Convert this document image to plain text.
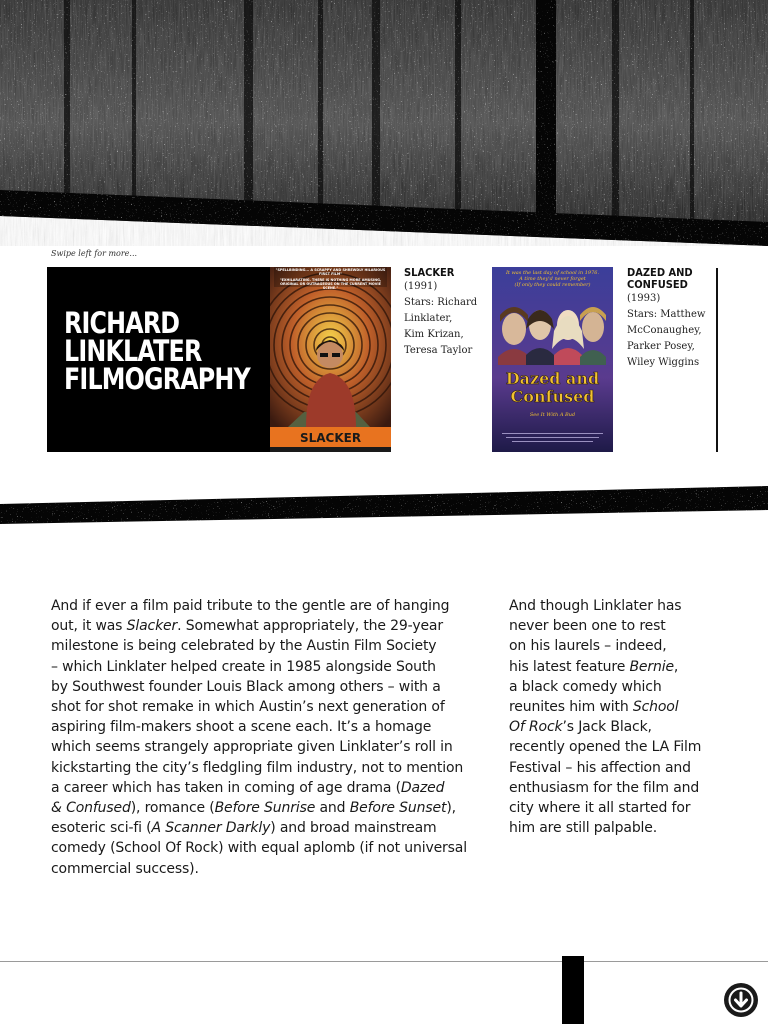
Swipe left for more...

RICHARD

LINKLATER

FILMOGRAPHY

"SPELLBINDING... A SCRAPPY AND SHREWDLY HILARIOUS FIRST FILM"
"EXHILARATING. THERE IS NOTHING MORE AMUSING, ORIGINAL OR OUTRAGEOUS ON THE CURRENT MOVIE SCENE."
SLACKER

SLACKER

(1991)

Stars: Richard

Linklater,

Kim Krizan,

Teresa Taylor

It was the last day of school in 1976.
A time they'd never forget
(If only they could remember)
Dazed and
Confused
See It With A Bud

DAZED AND

CONFUSED

(1993)

Stars: Matthew

McConaughey,

Parker Posey,

Wiley Wiggins

And if ever a film paid tribute to the gentle are of hanging
out, it was Slacker. Somewhat appropriately, the 29-year
milestone is being celebrated by the Austin Film Society
– which Linklater helped create in 1985 alongside South
by Southwest founder Louis Black among others – with a
shot for shot remake in which Austin’s next generation of
aspiring film-makers shoot a scene each. It’s a homage
which seems strangely appropriate given Linklater’s roll in
kickstarting the city’s fledgling film industry, not to mention
a career which has taken in coming of age drama (Dazed
& Confused), romance (Before Sunrise and Before Sunset),
esoteric sci-fi (A Scanner Darkly) and broad mainstream
comedy (School Of Rock) with equal aplomb (if not universal
commercial success).
And though Linklater has
never been one to rest
on his laurels – indeed,
his latest feature Bernie,
a black comedy which
reunites him with School
Of Rock’s Jack Black,
recently opened the LA Film
Festival – his affection and
enthusiasm for the film and
city where it all started for
him are still palpable.
